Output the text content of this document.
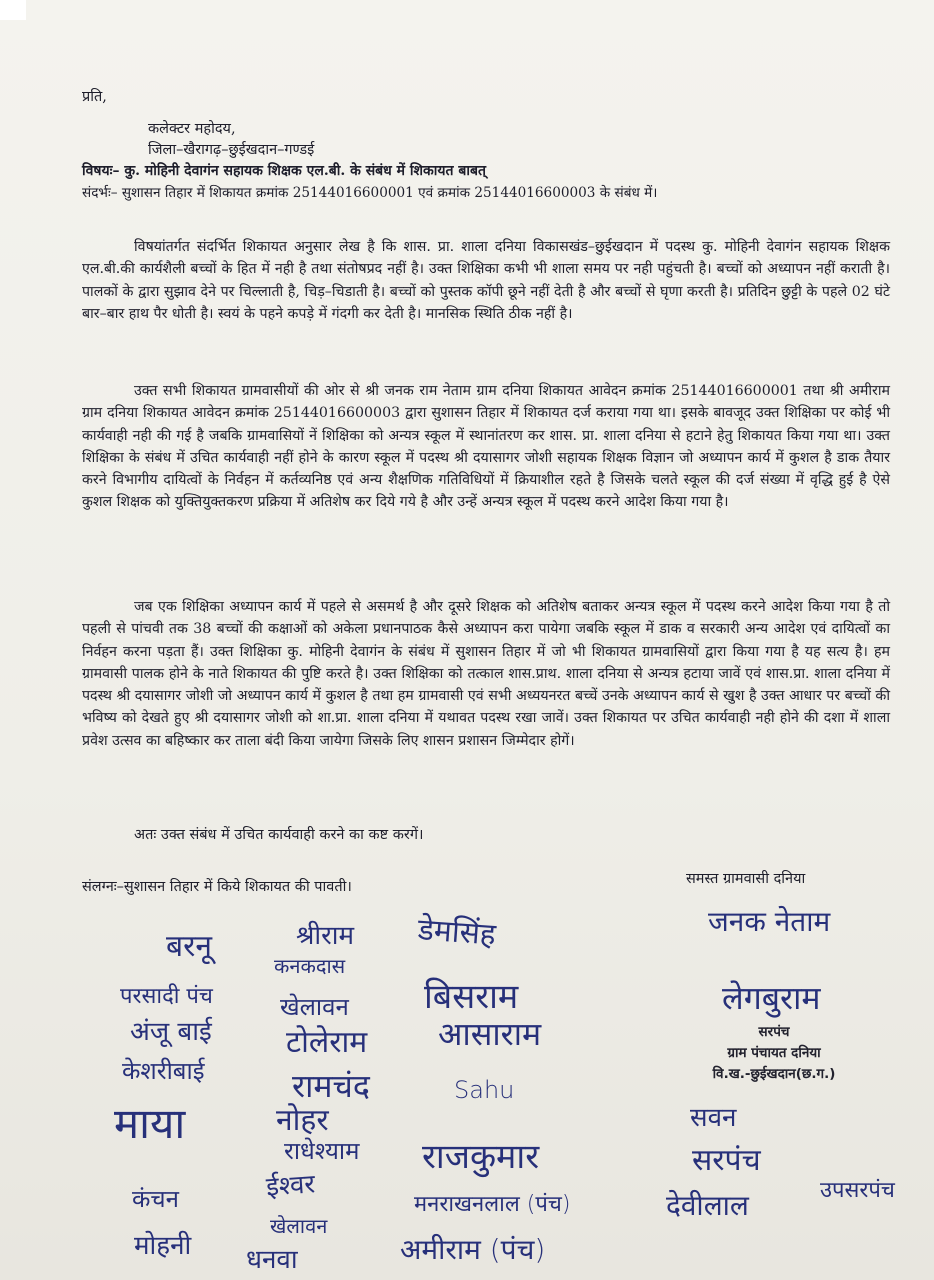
प्रति,
कलेक्टर महोदय,
जिला–खैरागढ़–छुईखदान–गण्डई
विषयः– कु. मोहिनी देवागंन सहायक शिक्षक एल.बी. के संबंध में शिकायत बाबत्
संदर्भः– सुशासन तिहार में शिकायत क्रमांक 25144016600001 एवं क्रमांक 25144016600003 के संबंध में।
विषयांतर्गत संदर्भित शिकायत अनुसार लेख है कि शास. प्रा. शाला दनिया विकासखंड–छुईखदान में पदस्थ कु. मोहिनी देवागंन सहायक शिक्षक एल.बी.की कार्यशैली बच्चों के हित में नही है तथा संतोषप्रद नहीं है। उक्त शिक्षिका कभी भी शाला समय पर नही पहुंचती है। बच्चों को अध्यापन नहीं कराती है। पालकों के द्वारा सुझाव देने पर चिल्लाती है, चिड़–चिडाती है। बच्चों को पुस्तक कॉपी छूने नहीं देती है और बच्चों से घृणा करती है। प्रतिदिन छुट्टी के पहले 02 घंटे बार–बार हाथ पैर धोती है। स्वयं के पहने कपड़े में गंदगी कर देती है। मानसिक स्थिति ठीक नहीं है।
उक्त सभी शिकायत ग्रामवासीयों की ओर से श्री जनक राम नेताम ग्राम दनिया शिकायत आवेदन क्रमांक 25144016600001 तथा श्री अमीराम ग्राम दनिया शिकायत आवेदन क्रमांक 25144016600003 द्वारा सुशासन तिहार में शिकायत दर्ज कराया गया था। इसके बावजूद उक्त शिक्षिका पर कोई भी कार्यवाही नही की गई है जबकि ग्रामवासियों नें शिक्षिका को अन्यत्र स्कूल में स्थानांतरण कर शास. प्रा. शाला दनिया से हटाने हेतु शिकायत किया गया था। उक्त शिक्षिका के संबंध में उचित कार्यवाही नहीं होने के कारण स्कूल में पदस्थ श्री दयासागर जोशी सहायक शिक्षक विज्ञान जो अध्यापन कार्य में कुशल है डाक तैयार करने विभागीय दायित्वों के निर्वहन में कर्तव्यनिष्ठ एवं अन्य शैक्षणिक गतिविधियों में क्रियाशील रहते है जिसके चलते स्कूल की दर्ज संख्या में वृद्धि हुई है ऐसे कुशल शिक्षक को युक्तियुक्तकरण प्रक्रिया में अतिशेष कर दिये गये है और उन्हें अन्यत्र स्कूल में पदस्थ करने आदेश किया गया है।
जब एक शिक्षिका अध्यापन कार्य में पहले से असमर्थ है और दूसरे शिक्षक को अतिशेष बताकर अन्यत्र स्कूल में पदस्थ करने आदेश किया गया है तो पहली से पांचवी तक 38 बच्चों की कक्षाओं को अकेला प्रधानपाठक कैसे अध्यापन करा पायेगा जबकि स्कूल में डाक व सरकारी अन्य आदेश एवं दायित्वों का निर्वहन करना पड़ता हैं। उक्त शिक्षिका कु. मोहिनी देवागंन के संबंध में सुशासन तिहार में जो भी शिकायत ग्रामवासियों द्वारा किया गया है यह सत्य है। हम ग्रामवासी पालक होने के नाते शिकायत की पुष्टि करते है। उक्त शिक्षिका को तत्काल शास.प्राथ. शाला दनिया से अन्यत्र हटाया जावें एवं शास.प्रा. शाला दनिया में पदस्थ श्री दयासागर जोशी जो अध्यापन कार्य में कुशल है तथा हम ग्रामवासी एवं सभी अध्ययनरत बच्चें उनके अध्यापन कार्य से खुश है उक्त आधार पर बच्चों की भविष्य को देखते हुए श्री दयासागर जोशी को शा.प्रा. शाला दनिया में यथावत पदस्थ रखा जावें। उक्त शिकायत पर उचित कार्यवाही नही होने की दशा में शाला प्रवेश उत्सव का बहिष्कार कर ताला बंदी किया जायेगा जिसके लिए शासन प्रशासन जिम्मेदार होगें।
अतः उक्त संबंध में उचित कार्यवाही करने का कष्ट करगें।
संलग्नः–सुशासन तिहार में किये शिकायत की पावती।	समस्त ग्रामवासी दनिया
बरनू	श्रीराम डेमसिंह	जनक नेताम
कनकदास
परसादी पंच	खेलावन बिसराम	लेगबुराम
अंजू बाई टोलेराम आसाराम
केशरीबाई	रामचंद
माया	नोहर
Sahu
सवन
राधेश्याम राजकुमार	सरपंच
कंचन	ईश्वर
मनराखनलाल (पंच)	देवीलाल	उपसरपंच
मोहनी
खेलावन
धनवा	अमीराम (पंच)
सरपंच
ग्राम पंचायत दनिया
वि.ख.-छुईखदान(छ.ग.)
